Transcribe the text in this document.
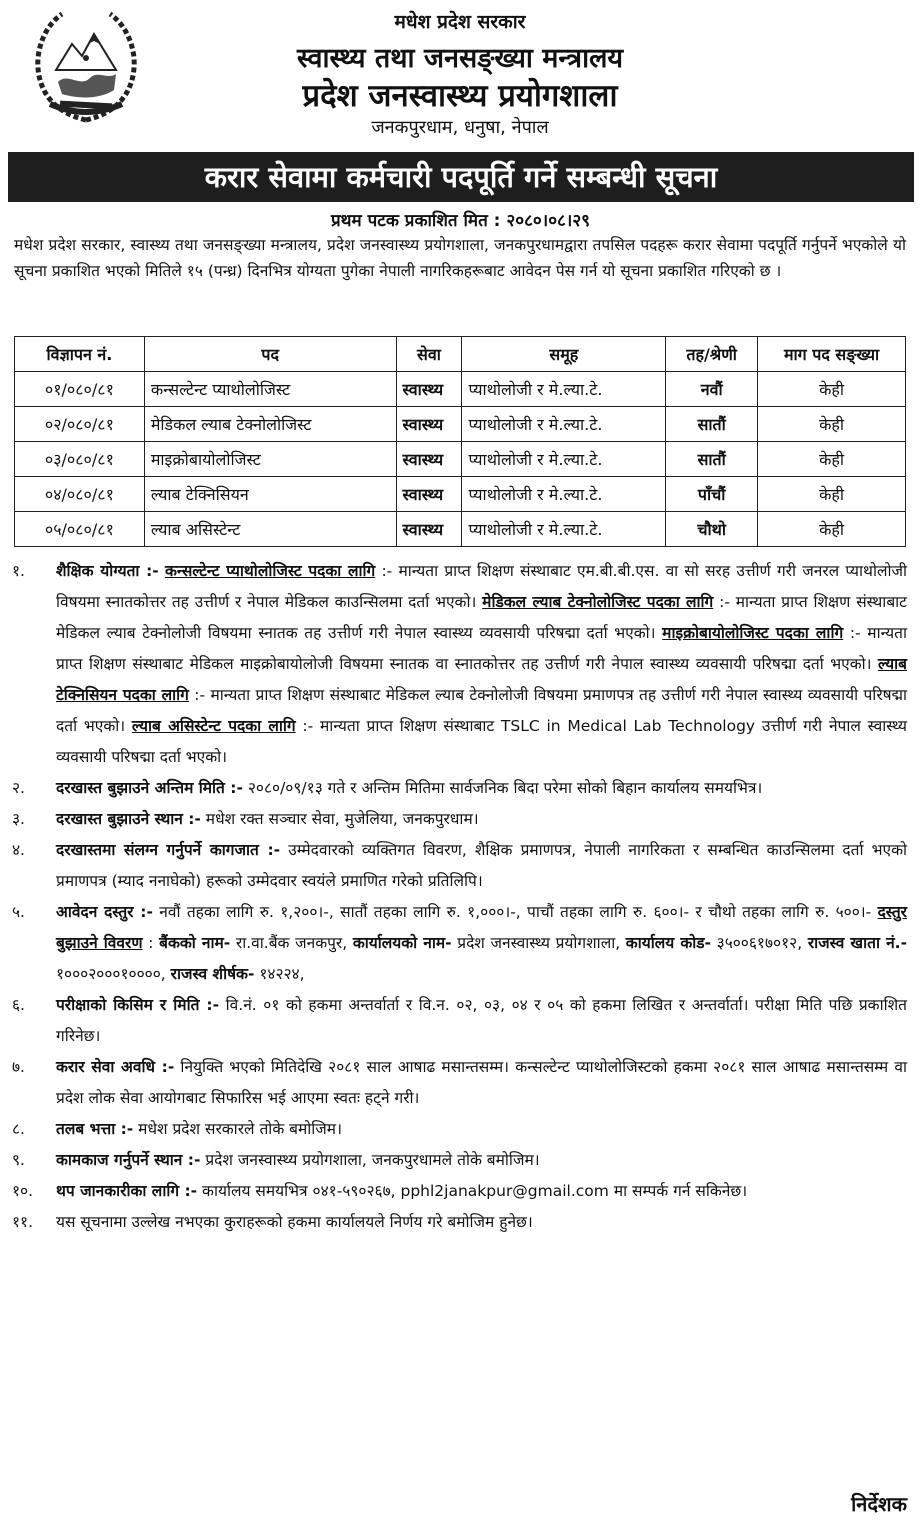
मधेश प्रदेश सरकार
स्वास्थ्य तथा जनसङ्ख्या मन्त्रालय
प्रदेश जनस्वास्थ्य प्रयोगशाला
जनकपुरधाम, धनुषा, नेपाल
करार सेवामा कर्मचारी पदपूर्ति गर्ने सम्बन्धी सूचना
प्रथम पटक प्रकाशित मित : २०८०।०८।२९
मधेश प्रदेश सरकार, स्वास्थ्य तथा जनसङ्ख्या मन्त्रालय, प्रदेश जनस्वास्थ्य प्रयोगशाला, जनकपुरधामद्वारा तपसिल पदहरू करार सेवामा पदपूर्ति गर्नुपर्ने भएकोले यो सूचना प्रकाशित भएको मितिले १५ (पन्ध्र) दिनभित्र योग्यता पुगेका नेपाली नागरिकहरूबाट आवेदन पेस गर्न यो सूचना प्रकाशित गरिएको छ ।
विज्ञापन नं.	पद	सेवा	समूह	तह/श्रेणी	माग पद सङ्ख्या
०१/०८०/८१	कन्सल्टेन्ट प्याथोलोजिस्ट	स्वास्थ्य	प्याथोलोजी र मे.ल्या.टे.	नवौं	केही
०२/०८०/८१	मेडिकल ल्याब टेक्नोलोजिस्ट	स्वास्थ्य	प्याथोलोजी र मे.ल्या.टे.	सातौं	केही
०३/०८०/८१	माइक्रोबायोलोजिस्ट	स्वास्थ्य	प्याथोलोजी र मे.ल्या.टे.	सातौं	केही
०४/०८०/८१	ल्याब टेक्निसियन	स्वास्थ्य	प्याथोलोजी र मे.ल्या.टे.	पाँचौं	केही
०५/०८०/८१	ल्याब असिस्टेन्ट	स्वास्थ्य	प्याथोलोजी र मे.ल्या.टे.	चौथो	केही
१.	शैक्षिक योग्यता :- कन्सल्टेन्ट प्याथोलोजिस्ट पदका लागि :- मान्यता प्राप्त शिक्षण संस्थाबाट एम.बी.बी.एस. वा सो सरह उत्तीर्ण गरी जनरल प्याथोलोजी विषयमा स्नातकोत्तर तह उत्तीर्ण र नेपाल मेडिकल काउन्सिलमा दर्ता भएको। मेडिकल ल्याब टेक्नोलोजिस्ट पदका लागि :- मान्यता प्राप्त शिक्षण संस्थाबाट मेडिकल ल्याब टेक्नोलोजी विषयमा स्नातक तह उत्तीर्ण गरी नेपाल स्वास्थ्य व्यवसायी परिषद्मा दर्ता भएको। माइक्रोबायोलोजिस्ट पदका लागि :- मान्यता प्राप्त शिक्षण संस्थाबाट मेडिकल माइक्रोबायोलोजी विषयमा स्नातक वा स्नातकोत्तर तह उत्तीर्ण गरी नेपाल स्वास्थ्य व्यवसायी परिषद्मा दर्ता भएको। ल्याब टेक्निसियन पदका लागि :- मान्यता प्राप्त शिक्षण संस्थाबाट मेडिकल ल्याब टेक्नोलोजी विषयमा प्रमाणपत्र तह उत्तीर्ण गरी नेपाल स्वास्थ्य व्यवसायी परिषद्मा दर्ता भएको। ल्याब असिस्टेन्ट पदका लागि :- मान्यता प्राप्त शिक्षण संस्थाबाट TSLC in Medical Lab Technology उत्तीर्ण गरी नेपाल स्वास्थ्य व्यवसायी परिषद्मा दर्ता भएको।
२.	दरखास्त बुझाउने अन्तिम मिति :- २०८०/०९/१३ गते र अन्तिम मितिमा सार्वजनिक बिदा परेमा सोको बिहान कार्यालय समयभित्र।
३.	दरखास्त बुझाउने स्थान :- मधेश रक्त सञ्चार सेवा, मुजेलिया, जनकपुरधाम।
४.	दरखास्तमा संलग्न गर्नुपर्ने कागजात :- उम्मेदवारको व्यक्तिगत विवरण, शैक्षिक प्रमाणपत्र, नेपाली नागरिकता र सम्बन्धित काउन्सिलमा दर्ता भएको प्रमाणपत्र (म्याद ननाघेको) हरूको उम्मेदवार स्वयंले प्रमाणित गरेको प्रतिलिपि।
५.	आवेदन दस्तुर :- नवौं तहका लागि रु. १,२००।-, सातौं तहका लागि रु. १,०००।-, पाचौं तहका लागि रु. ६००।- र चौथो तहका लागि रु. ५००।- दस्तुर बुझाउने विवरण : बैंकको नाम- रा.वा.बैंक जनकपुर, कार्यालयको नाम- प्रदेश जनस्वास्थ्य प्रयोगशाला, कार्यालय कोड- ३५००६१७०१२, राजस्व खाता नं.- १०००२०००१००००, राजस्व शीर्षक- १४२२४,
६.	परीक्षाको किसिम र मिति :- वि.नं. ०१ को हकमा अन्तर्वार्ता र वि.न. ०२, ०३, ०४ र ०५ को हकमा लिखित र अन्तर्वार्ता। परीक्षा मिति पछि प्रकाशित गरिनेछ।
७.	करार सेवा अवधि :- नियुक्ति भएको मितिदेखि २०८१ साल आषाढ मसान्तसम्म। कन्सल्टेन्ट प्याथोलोजिस्टको हकमा २०८१ साल आषाढ मसान्तसम्म वा प्रदेश लोक सेवा आयोगबाट सिफारिस भई आएमा स्वतः हट्ने गरी।
८.	तलब भत्ता :- मधेश प्रदेश सरकारले तोके बमोजिम।
९.	कामकाज गर्नुपर्ने स्थान :- प्रदेश जनस्वास्थ्य प्रयोगशाला, जनकपुरधामले तोके बमोजिम।
१०.	थप जानकारीका लागि :- कार्यालय समयभित्र ०४१-५९०२६७, pphl2janakpur@gmail.com मा सम्पर्क गर्न सकिनेछ।
११.	यस सूचनामा उल्लेख नभएका कुराहरूको हकमा कार्यालयले निर्णय गरे बमोजिम हुनेछ।
निर्देशक
